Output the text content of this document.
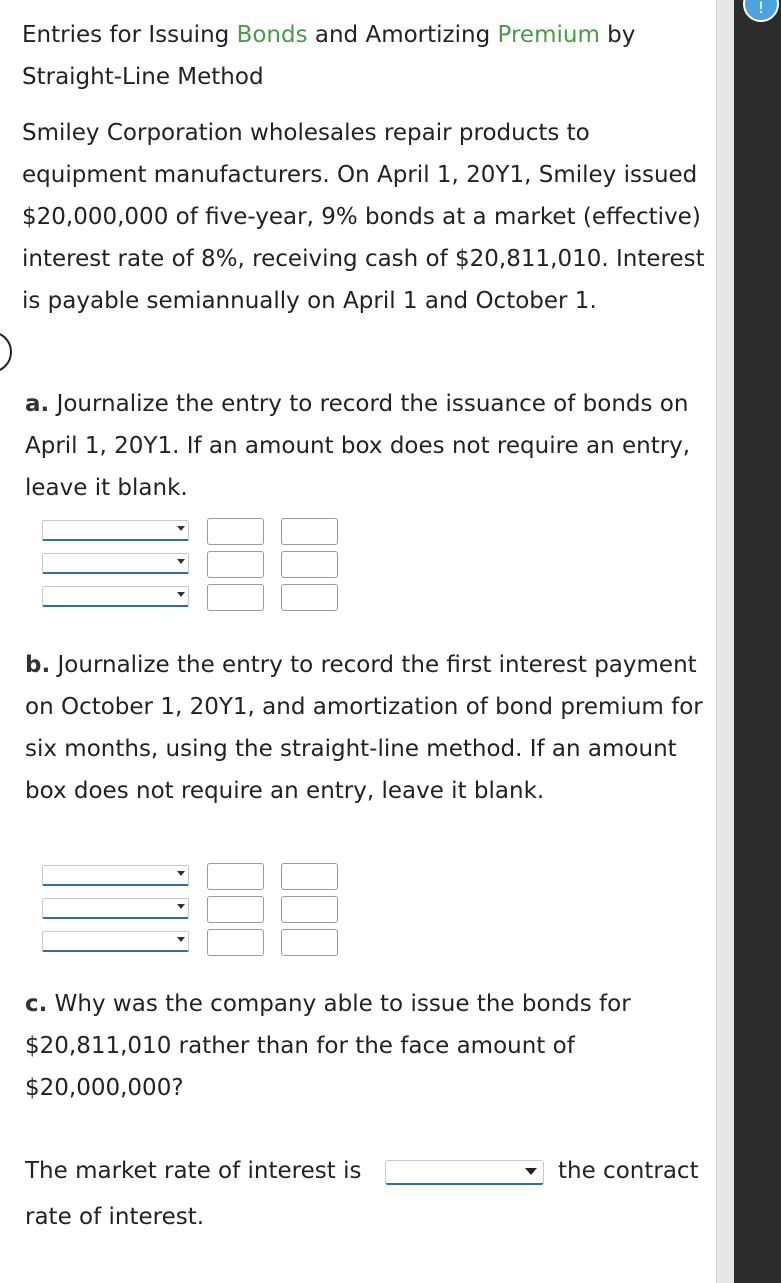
Entries for Issuing Bonds and Amortizing Premium by Straight-Line Method

Smiley Corporation wholesales repair products to equipment manufacturers. On April 1, 20Y1, Smiley issued $20,000,000 of five-year, 9% bonds at a market (effective) interest rate of 8%, receiving cash of $20,811,010. Interest is payable semiannually on April 1 and October 1.

a. Journalize the entry to record the issuance of bonds on April 1, 20Y1. If an amount box does not require an entry, leave it blank.

b. Journalize the entry to record the first interest payment on October 1, 20Y1, and amortization of bond premium for six months, using the straight-line method. If an amount box does not require an entry, leave it blank.

c. Why was the company able to issue the bonds for $20,811,010 rather than for the face amount of $20,000,000?

The market rate of interest is	the contract
rate of interest.
!
